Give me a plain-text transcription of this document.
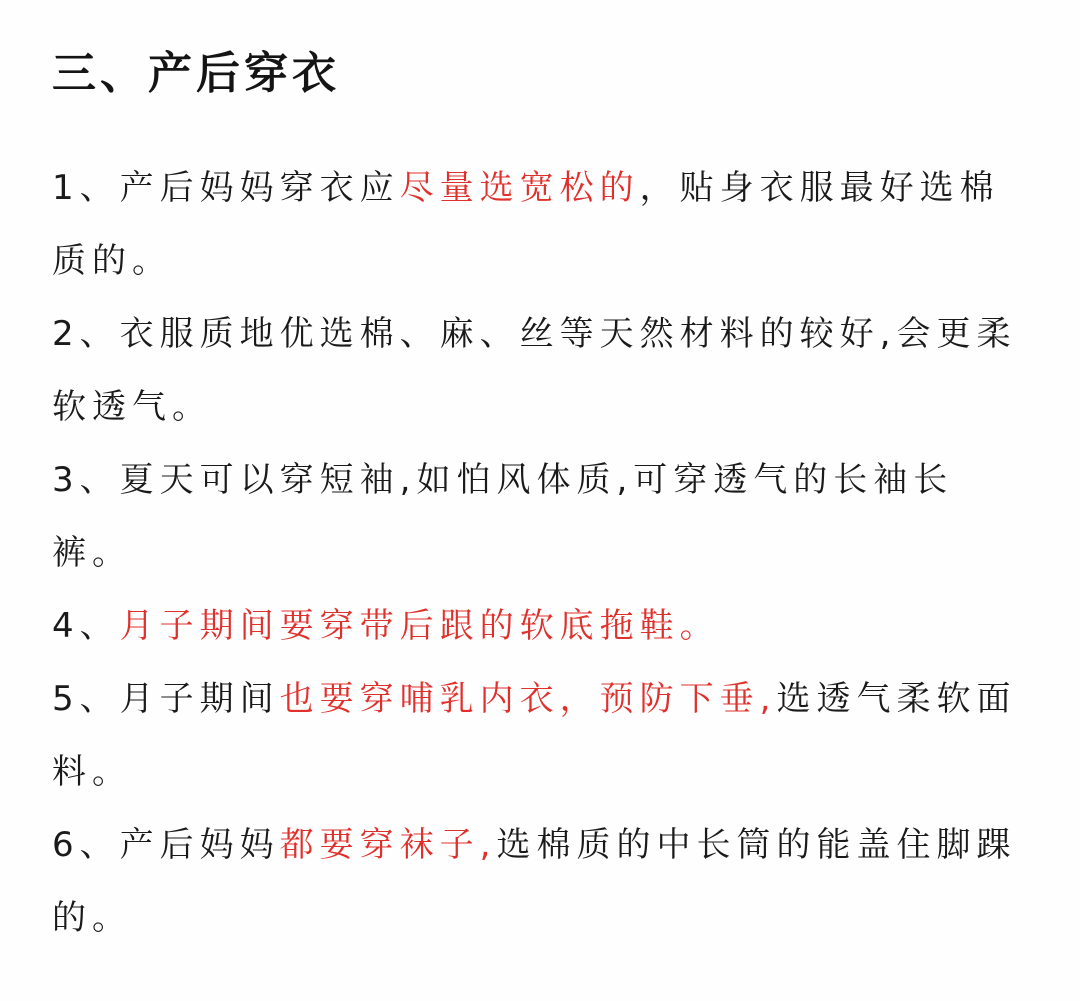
三、产后穿衣
1、产后妈妈穿衣应尽量选宽松的，贴身衣服最好选棉质的。
2、衣服质地优选棉、麻、丝等天然材料的较好,会更柔软透气。
3、夏天可以穿短袖,如怕风体质,可穿透气的长袖长裤。
4、月子期间要穿带后跟的软底拖鞋。
5、月子期间也要穿哺乳内衣，预防下垂,选透气柔软面料。
6、产后妈妈都要穿袜子,选棉质的中长筒的能盖住脚踝的。
